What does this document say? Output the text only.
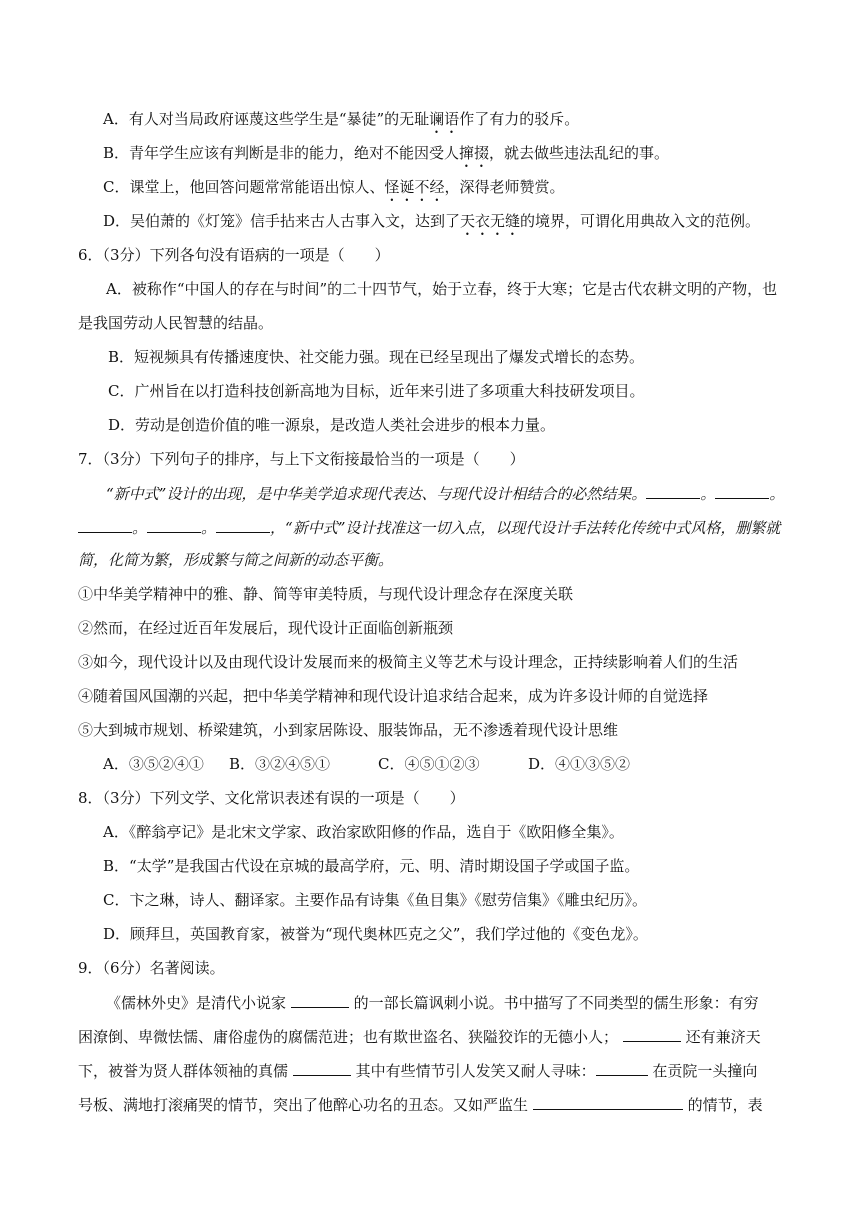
A．有人对当局政府诬蔑这些学生是“暴徒”的无耻谰语作了有力的驳斥。
B．青年学生应该有判断是非的能力，绝对不能因受人撺掇，就去做些违法乱纪的事。
C．课堂上，他回答问题常常能语出惊人、怪诞不经，深得老师赞赏。
D．吴伯萧的《灯笼》信手拈来古人古事入文，达到了天衣无缝的境界，可谓化用典故入文的范例。
6．（3分）下列各句没有语病的一项是（　　）
A．被称作“中国人的存在与时间”的二十四节气，始于立春，终于大寒；它是古代农耕文明的产物，也
是我国劳动人民智慧的结晶。
B．短视频具有传播速度快、社交能力强。现在已经呈现出了爆发式增长的态势。
C．广州旨在以打造科技创新高地为目标，近年来引进了多项重大科技研发项目。
D．劳动是创造价值的唯一源泉，是改造人类社会进步的根本力量。
7．（3分）下列句子的排序，与上下文衔接最恰当的一项是（　　）
“新中式”设计的出现，是中华美学追求现代表达、与现代设计相结合的必然结果。	。	。
。	。	，“新中式”设计找准这一切入点，以现代设计手法转化传统中式风格，删繁就
简，化简为繁，形成繁与简之间新的动态平衡。
①中华美学精神中的雅、静、简等审美特质，与现代设计理念存在深度关联
②然而，在经过近百年发展后，现代设计正面临创新瓶颈
③如今，现代设计以及由现代设计发展而来的极简主义等艺术与设计理念，正持续影响着人们的生活
④随着国风国潮的兴起，把中华美学精神和现代设计追求结合起来，成为许多设计师的自觉选择
⑤大到城市规划、桥梁建筑，小到家居陈设、服装饰品，无不渗透着现代设计思维
A．③⑤②④① B．③②④⑤①	C．④⑤①②③	D．④①③⑤②
8．（3分）下列文学、文化常识表述有误的一项是（　　）
A．《醉翁亭记》是北宋文学家、政治家欧阳修的作品，选自于《欧阳修全集》。
B．“太学”是我国古代设在京城的最高学府，元、明、清时期设国子学或国子监。
C．卞之琳，诗人、翻译家。主要作品有诗集《鱼目集》《慰劳信集》《雕虫纪历》。
D．顾拜旦，英国教育家，被誉为“现代奥林匹克之父”，我们学过他的《变色龙》。
9．（6分）名著阅读。
《儒林外史》是清代小说家	的一部长篇讽刺小说。书中描写了不同类型的儒生形象：有穷
困潦倒、卑微怯懦、庸俗虚伪的腐儒范进；也有欺世盗名、狭隘狡诈的无德小人；	还有兼济天
下，被誉为贤人群体领袖的真儒	其中有些情节引人发笑又耐人寻味：	在贡院一头撞向
号板、满地打滚痛哭的情节，突出了他醉心功名的丑态。又如严监生	的情节，表
